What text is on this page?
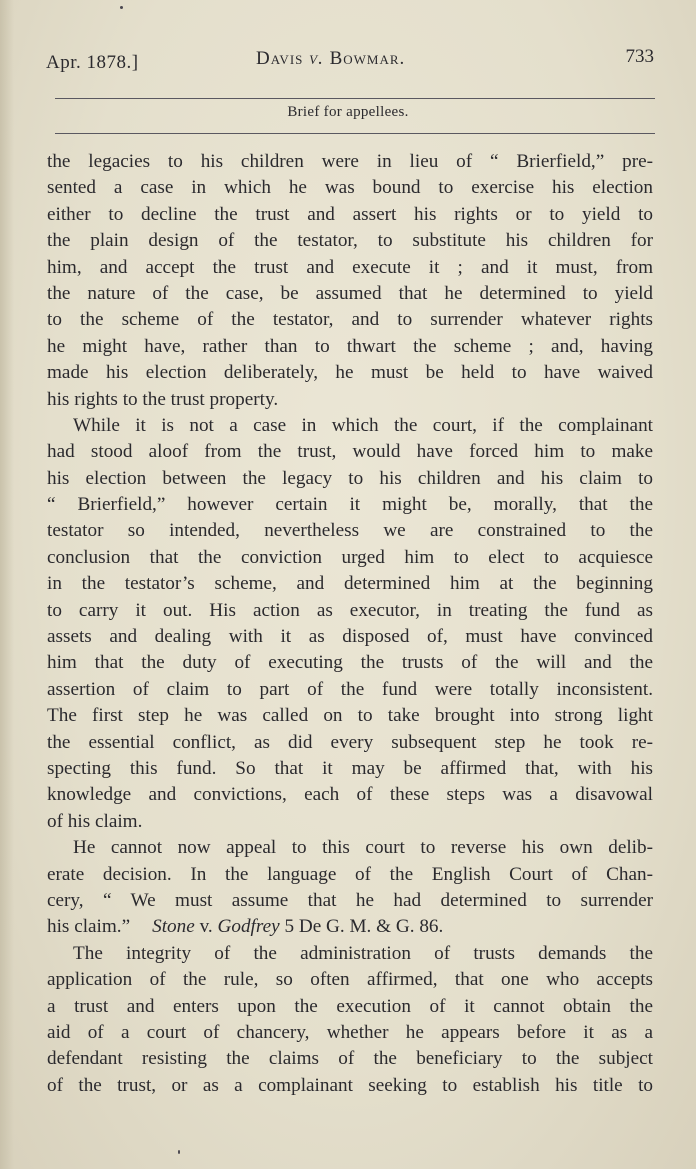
Apr. 1878.]	Davis v. Bowmar.	733
Brief for appellees.
the legacies to his children were in lieu of “ Brierfield,” pre-
sented a case in which he was bound to exercise his election
either to decline the trust and assert his rights or to yield to
the plain design of the testator, to substitute his children for
him, and accept the trust and execute it ; and it must, from
the nature of the case, be assumed that he determined to yield
to the scheme of the testator, and to surrender whatever rights
he might have, rather than to thwart the scheme ; and, having
made his election deliberately, he must be held to have waived
his rights to the trust property.
While it is not a case in which the court, if the complainant
had stood aloof from the trust, would have forced him to make
his election between the legacy to his children and his claim to
“ Brierfield,” however certain it might be, morally, that the
testator so intended, nevertheless we are constrained to the
conclusion that the conviction urged him to elect to acquiesce
in the testator’s scheme, and determined him at the beginning
to carry it out. His action as executor, in treating the fund as
assets and dealing with it as disposed of, must have convinced
him that the duty of executing the trusts of the will and the
assertion of claim to part of the fund were totally inconsistent.
The first step he was called on to take brought into strong light
the essential conflict, as did every subsequent step he took re-
specting this fund. So that it may be affirmed that, with his
knowledge and convictions, each of these steps was a disavowal
of his claim.
He cannot now appeal to this court to reverse his own delib-
erate decision. In the language of the English Court of Chan-
cery, “ We must assume that he had determined to surrender
his claim.” Stone v. Godfrey 5 De G. M. & G. 86.
The integrity of the administration of trusts demands the
application of the rule, so often affirmed, that one who accepts
a trust and enters upon the execution of it cannot obtain the
aid of a court of chancery, whether he appears before it as a
defendant resisting the claims of the beneficiary to the subject
of the trust, or as a complainant seeking to establish his title to
